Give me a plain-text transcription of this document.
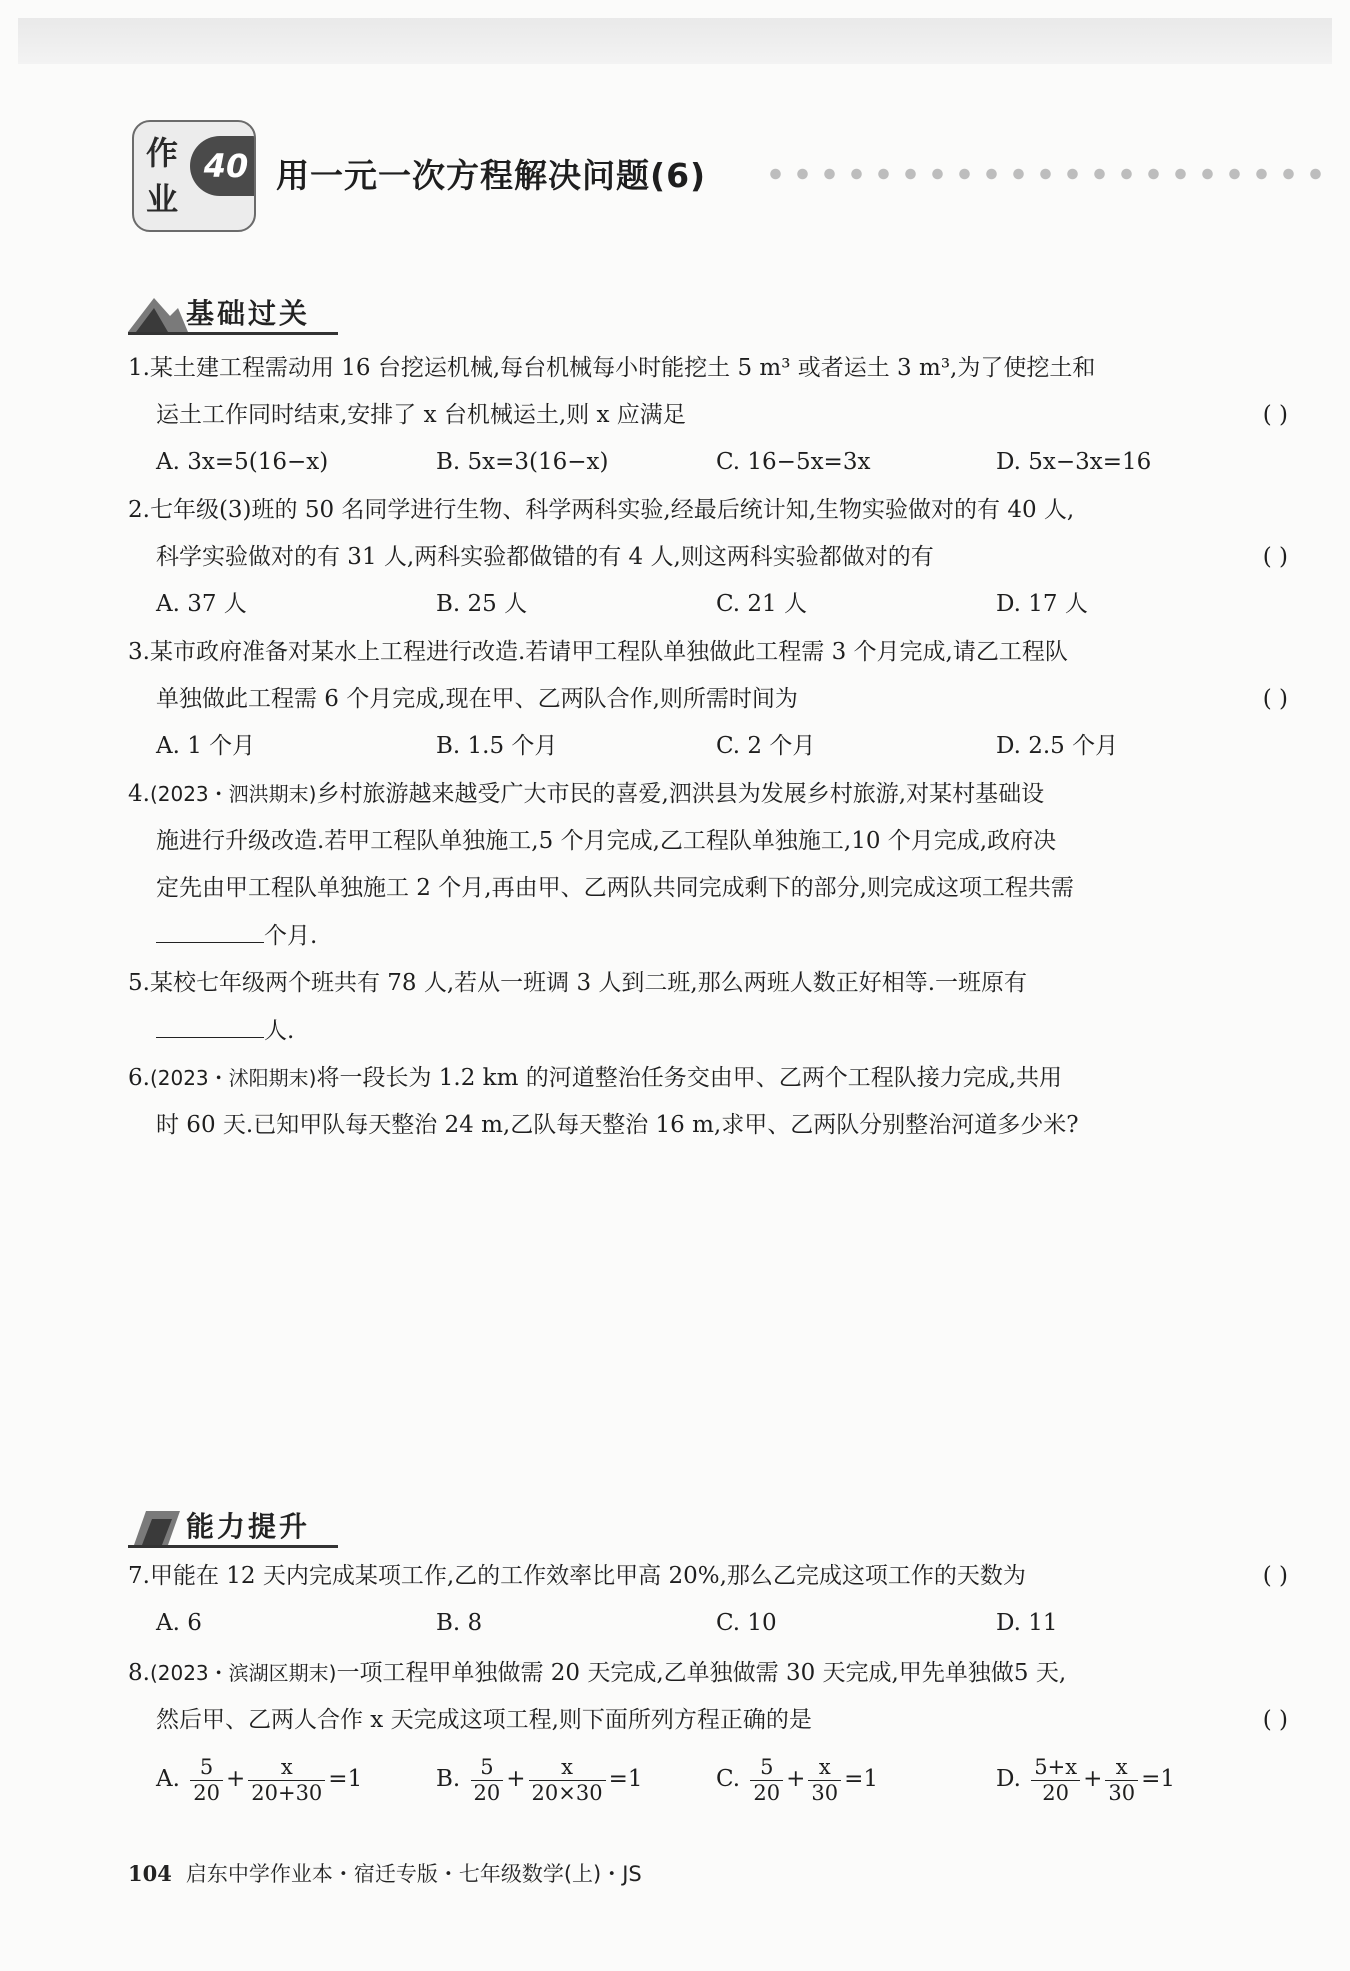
作
业
40 用一元一次方程解决问题(6)
基础过关
1.某土建工程需动用 16 台挖运机械,每台机械每小时能挖土 5 m³ 或者运土 3 m³,为了使挖土和
运土工作同时结束,安排了 x 台机械运土,则 x 应满足	( )
A. 3x=5(16−x)	B. 5x=3(16−x)	C. 16−5x=3x	D. 5x−3x=16
2.七年级(3)班的 50 名同学进行生物、科学两科实验,经最后统计知,生物实验做对的有 40 人,
科学实验做对的有 31 人,两科实验都做错的有 4 人,则这两科实验都做对的有	( )
A. 37 人	B. 25 人	C. 21 人	D. 17 人
3.某市政府准备对某水上工程进行改造.若请甲工程队单独做此工程需 3 个月完成,请乙工程队
单独做此工程需 6 个月完成,现在甲、乙两队合作,则所需时间为	( )
A. 1 个月	B. 1.5 个月	C. 2 个月	D. 2.5 个月
4.(2023・泗洪期末)乡村旅游越来越受广大市民的喜爱,泗洪县为发展乡村旅游,对某村基础设
施进行升级改造.若甲工程队单独施工,5 个月完成,乙工程队单独施工,10 个月完成,政府决
定先由甲工程队单独施工 2 个月,再由甲、乙两队共同完成剩下的部分,则完成这项工程共需
个月.
5.某校七年级两个班共有 78 人,若从一班调 3 人到二班,那么两班人数正好相等.一班原有
人.
6.(2023・沭阳期末)将一段长为 1.2 km 的河道整治任务交由甲、乙两个工程队接力完成,共用
时 60 天.已知甲队每天整治 24 m,乙队每天整治 16 m,求甲、乙两队分别整治河道多少米?
能力提升
7.甲能在 12 天内完成某项工作,乙的工作效率比甲高 20%,那么乙完成这项工作的天数为	( )
A. 6	B. 8	C. 10	D. 11
8.(2023・滨湖区期末)一项工程甲单独做需 20 天完成,乙单独做需 30 天完成,甲先单独做5 天,
然后甲、乙两人合作 x 天完成这项工程,则下面所列方程正确的是	( )
A. $\frac{5}{20} + \frac{x}{20+30} =1$	B. $\frac{5}{20} + \frac{x}{20\times 30} =1$	C. $\frac{5}{20} + \frac{x}{30} =1$	D. $\frac{5+x}{20} + \frac{x}{30} =1$
104 启东中学作业本・宿迁专版・七年级数学(上)・JS
